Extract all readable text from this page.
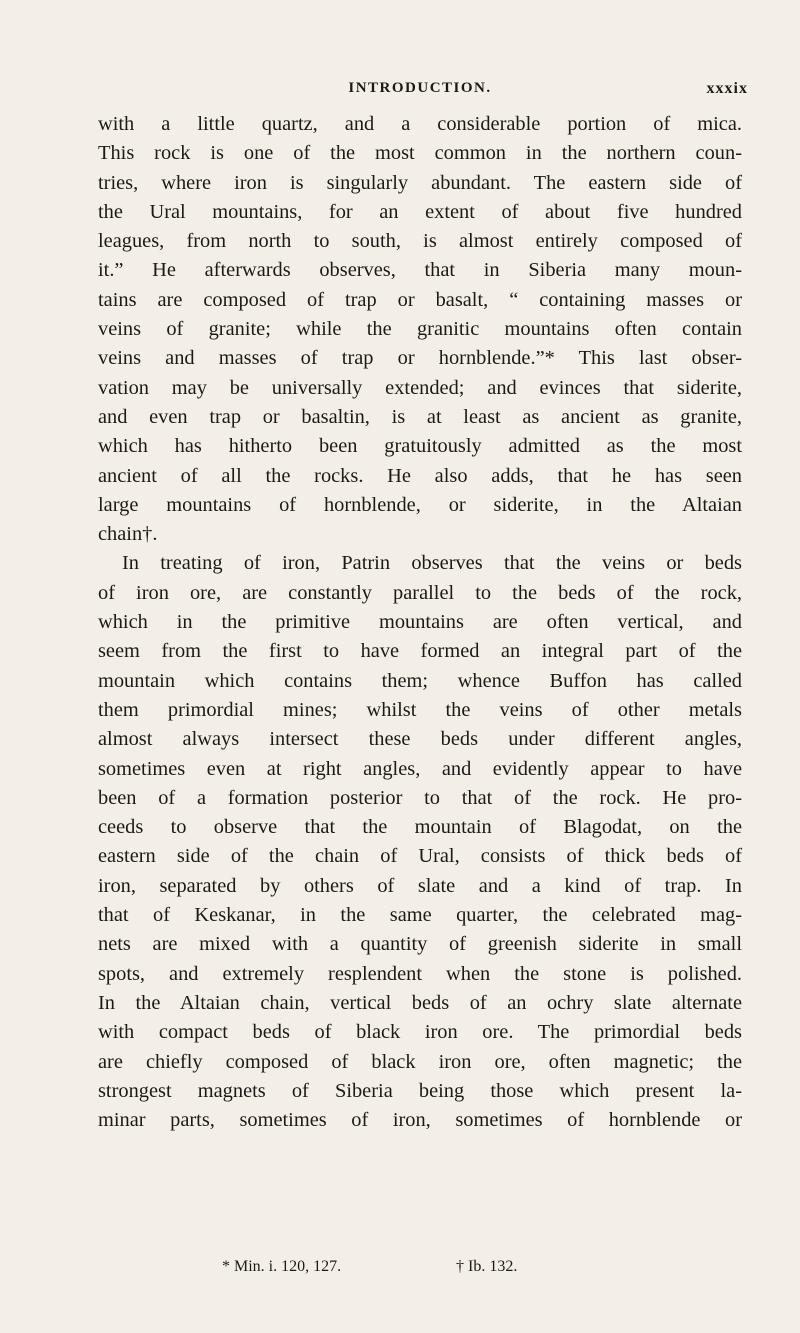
INTRODUCTION.	xxxix
with a little quartz, and a considerable portion of mica.
This rock is one of the most common in the northern coun-
tries, where iron is singularly abundant. The eastern side of
the Ural mountains, for an extent of about five hundred
leagues, from north to south, is almost entirely composed of
it.” He afterwards observes, that in Siberia many moun-
tains are composed of trap or basalt, “ containing masses or
veins of granite; while the granitic mountains often contain
veins and masses of trap or hornblende.”* This last obser-
vation may be universally extended; and evinces that siderite,
and even trap or basaltin, is at least as ancient as granite,
which has hitherto been gratuitously admitted as the most
ancient of all the rocks. He also adds, that he has seen
large mountains of hornblende, or siderite, in the Altaian
chain†.
In treating of iron, Patrin observes that the veins or beds
of iron ore, are constantly parallel to the beds of the rock,
which in the primitive mountains are often vertical, and
seem from the first to have formed an integral part of the
mountain which contains them; whence Buffon has called
them primordial mines; whilst the veins of other metals
almost always intersect these beds under different angles,
sometimes even at right angles, and evidently appear to have
been of a formation posterior to that of the rock. He pro-
ceeds to observe that the mountain of Blagodat, on the
eastern side of the chain of Ural, consists of thick beds of
iron, separated by others of slate and a kind of trap. In
that of Keskanar, in the same quarter, the celebrated mag-
nets are mixed with a quantity of greenish siderite in small
spots, and extremely resplendent when the stone is polished.
In the Altaian chain, vertical beds of an ochry slate alternate
with compact beds of black iron ore. The primordial beds
are chiefly composed of black iron ore, often magnetic; the
strongest magnets of Siberia being those which present la-
minar parts, sometimes of iron, sometimes of hornblende or
* Min. i. 120, 127.	† Ib. 132.
